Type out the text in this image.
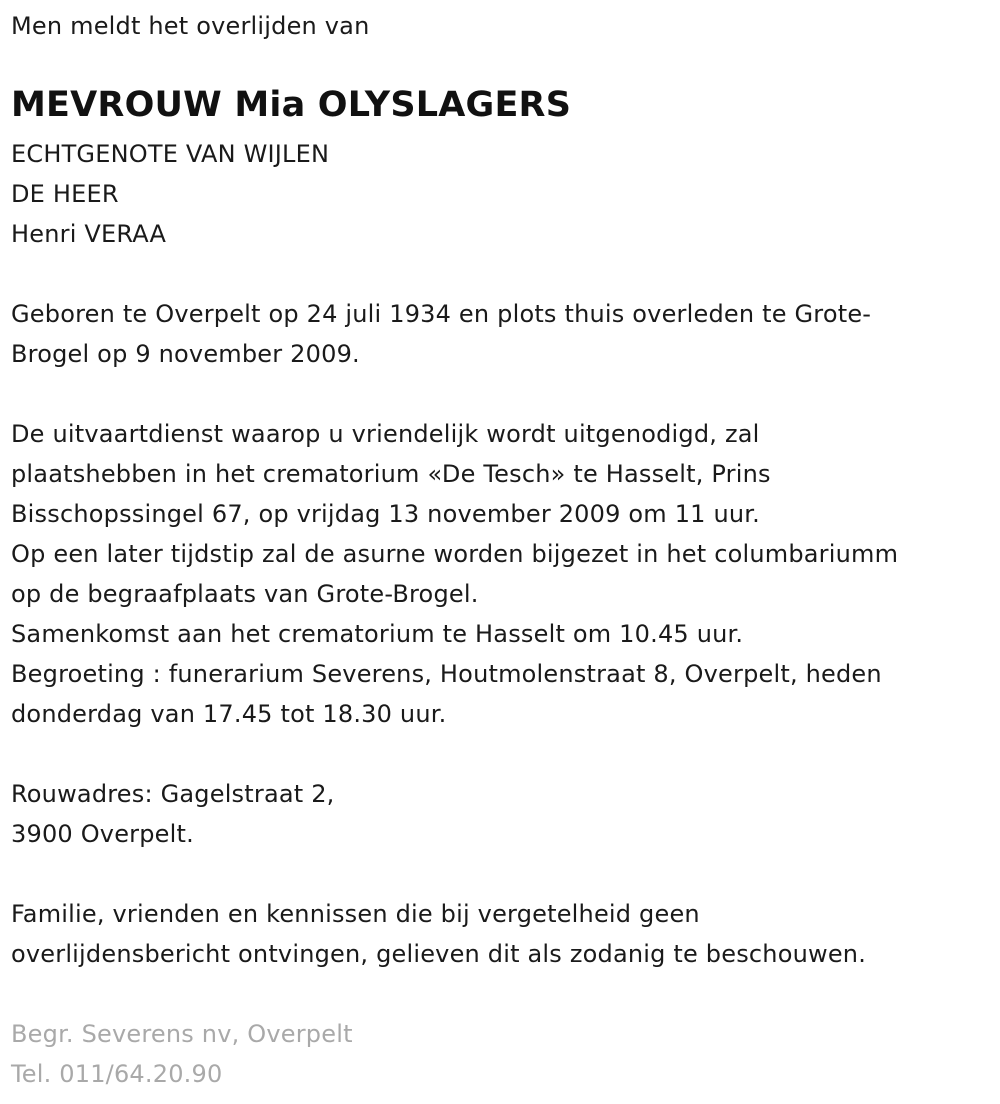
Men meldt het overlijden van
MEVROUW Mia OLYSLAGERS
ECHTGENOTE VAN WIJLEN
DE HEER
Henri VERAA
Geboren te Overpelt op 24 juli 1934 en plots thuis overleden te Grote-
Brogel op 9 november 2009.
De uitvaartdienst waarop u vriendelijk wordt uitgenodigd, zal
plaatshebben in het crematorium «De Tesch» te Hasselt, Prins
Bisschopssingel 67, op vrijdag 13 november 2009 om 11 uur.
Op een later tijdstip zal de asurne worden bijgezet in het columbariumm
op de begraafplaats van Grote-Brogel.
Samenkomst aan het crematorium te Hasselt om 10.45 uur.
Begroeting : funerarium Severens, Houtmolenstraat 8, Overpelt, heden
donderdag van 17.45 tot 18.30 uur.
Rouwadres: Gagelstraat 2,
3900 Overpelt.
Familie, vrienden en kennissen die bij vergetelheid geen
overlijdensbericht ontvingen, gelieven dit als zodanig te beschouwen.
Begr. Severens nv, Overpelt
Tel. 011/64.20.90
